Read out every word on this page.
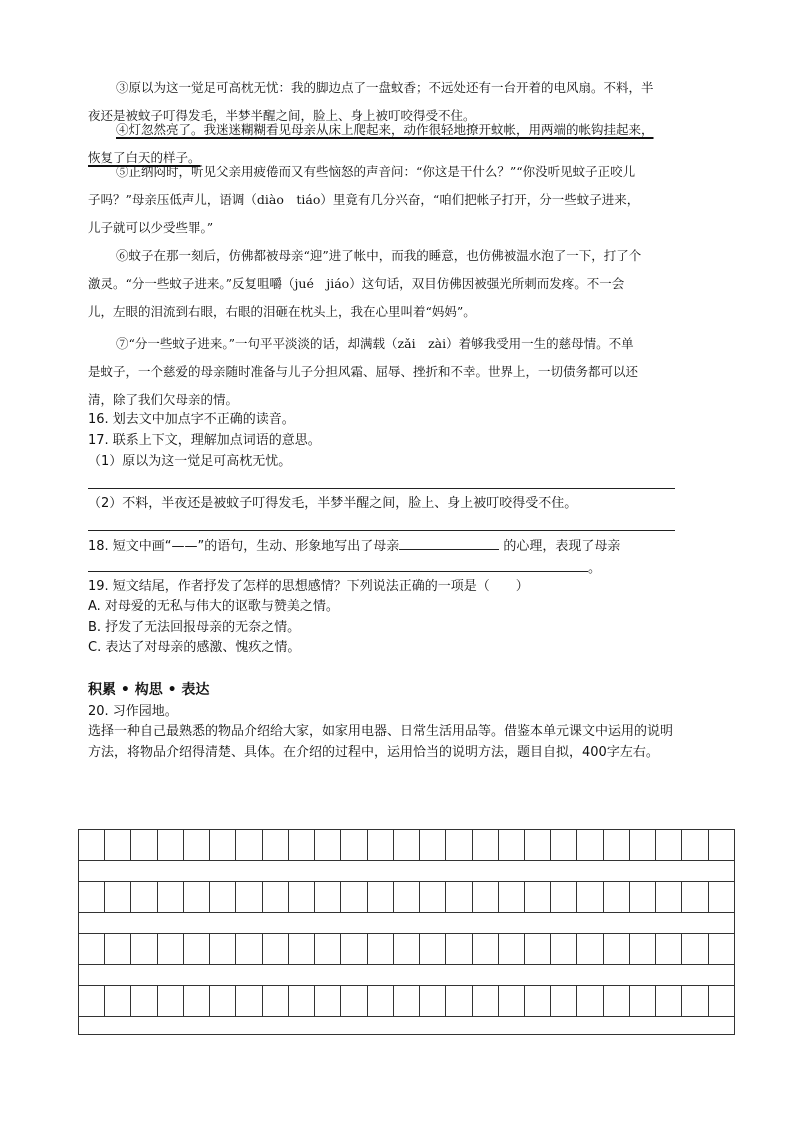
③原以为这一觉足可高枕无忧：我的脚边点了一盘蚊香；不远处还有一台开着的电风扇。不料，半
夜还是被蚊子叮得发毛，半梦半醒之间，脸上、身上被叮咬得受不住。
④灯忽然亮了。我迷迷糊糊看见母亲从床上爬起来，动作很轻地撩开蚊帐，用两端的帐钩挂起来，
恢复了白天的样子。
⑤正纳闷时，听见父亲用疲倦而又有些恼怒的声音问：“你这是干什么？”“你没听见蚊子正咬儿
子吗？”母亲压低声儿，语调（diào　tiáo）里竟有几分兴奋，“咱们把帐子打开，分一些蚊子进来，
儿子就可以少受些罪。”
⑥蚊子在那一刻后，仿佛都被母亲“迎”进了帐中，而我的睡意，也仿佛被温水泡了一下，打了个
激灵。“分一些蚊子进来。”反复咀嚼（jué　jiáo）这句话，双目仿佛因被强光所刺而发疼。不一会
儿，左眼的泪流到右眼，右眼的泪砸在枕头上，我在心里叫着“妈妈”。
⑦“分一些蚊子进来。”一句平平淡淡的话，却满载（zǎi　zài）着够我受用一生的慈母情。不单
是蚊子，一个慈爱的母亲随时准备与儿子分担风霜、屈辱、挫折和不幸。世界上，一切债务都可以还
清，除了我们欠母亲的情。
16. 划去文中加点字不正确的读音。
17. 联系上下文，理解加点词语的意思。
（1）原以为这一觉足可高枕无忧。
（2）不料，半夜还是被蚊子叮得发毛，半梦半醒之间，脸上、身上被叮咬得受不住。
18. 短文中画“——”的语句，生动、形象地写出了母亲	的心理，表现了母亲
。
19. 短文结尾，作者抒发了怎样的思想感情？下列说法正确的一项是（　　）
A. 对母爱的无私与伟大的讴歌与赞美之情。
B. 抒发了无法回报母亲的无奈之情。
C. 表达了对母亲的感激、愧疚之情。
积累 • 构思 • 表达
20. 习作园地。
选择一种自己最熟悉的物品介绍给大家，如家用电器、日常生活用品等。借鉴本单元课文中运用的说明
方法，将物品介绍得清楚、具体。在介绍的过程中，运用恰当的说明方法，题目自拟，400字左右。
